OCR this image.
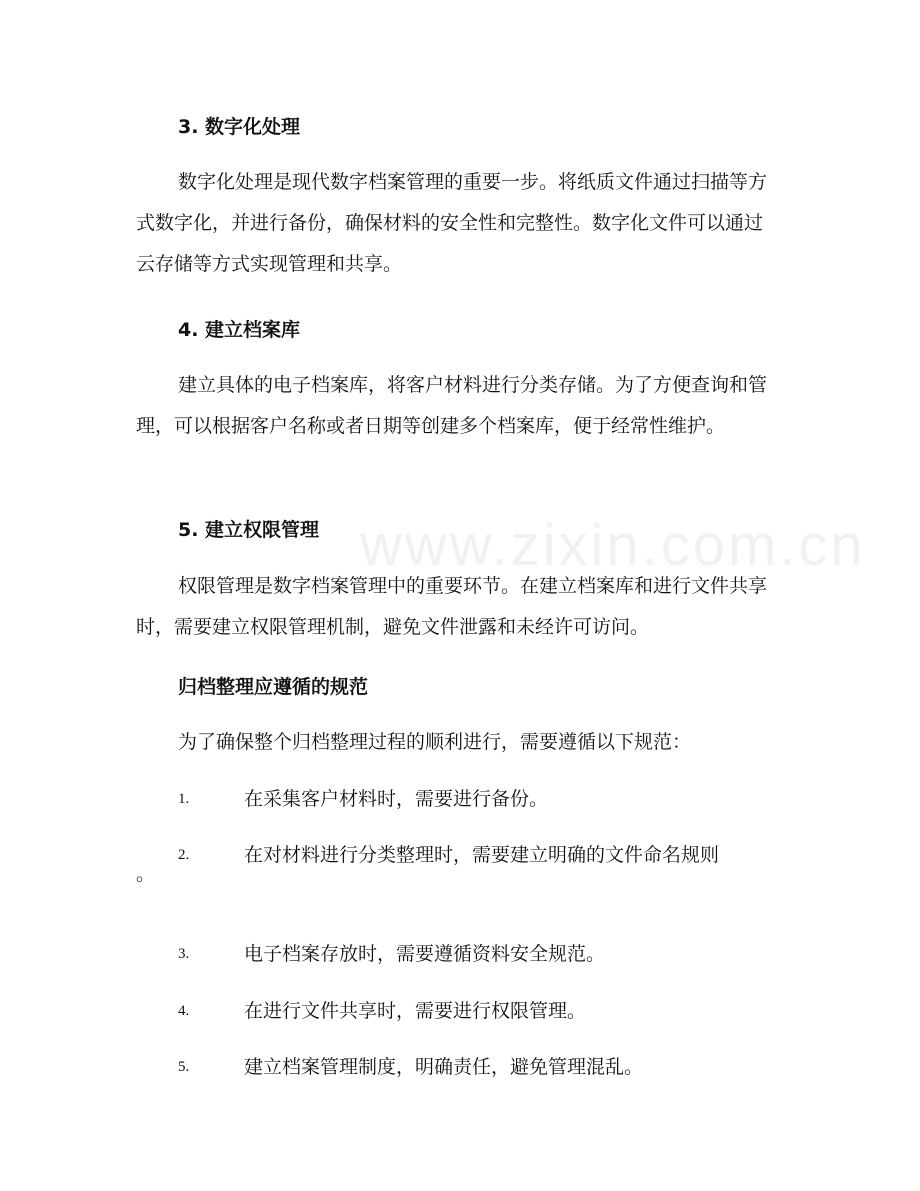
www.zixin.com.cn
3. 数字化处理
数字化处理是现代数字档案管理的重要一步。将纸质文件通过扫描等方式数字化，并进行备份，确保材料的安全性和完整性。数字化文件可以通过云存储等方式实现管理和共享。
4. 建立档案库
建立具体的电子档案库，将客户材料进行分类存储。为了方便查询和管理，可以根据客户名称或者日期等创建多个档案库，便于经常性维护。
5. 建立权限管理
权限管理是数字档案管理中的重要环节。在建立档案库和进行文件共享时，需要建立权限管理机制，避免文件泄露和未经许可访问。
归档整理应遵循的规范
为了确保整个归档整理过程的顺利进行，需要遵循以下规范：
1.	在采集客户材料时，需要进行备份。
2.	在对材料进行分类整理时，需要建立明确的文件命名规则
。
3.	电子档案存放时，需要遵循资料安全规范。
4.	在进行文件共享时，需要进行权限管理。
5.	建立档案管理制度，明确责任，避免管理混乱。
